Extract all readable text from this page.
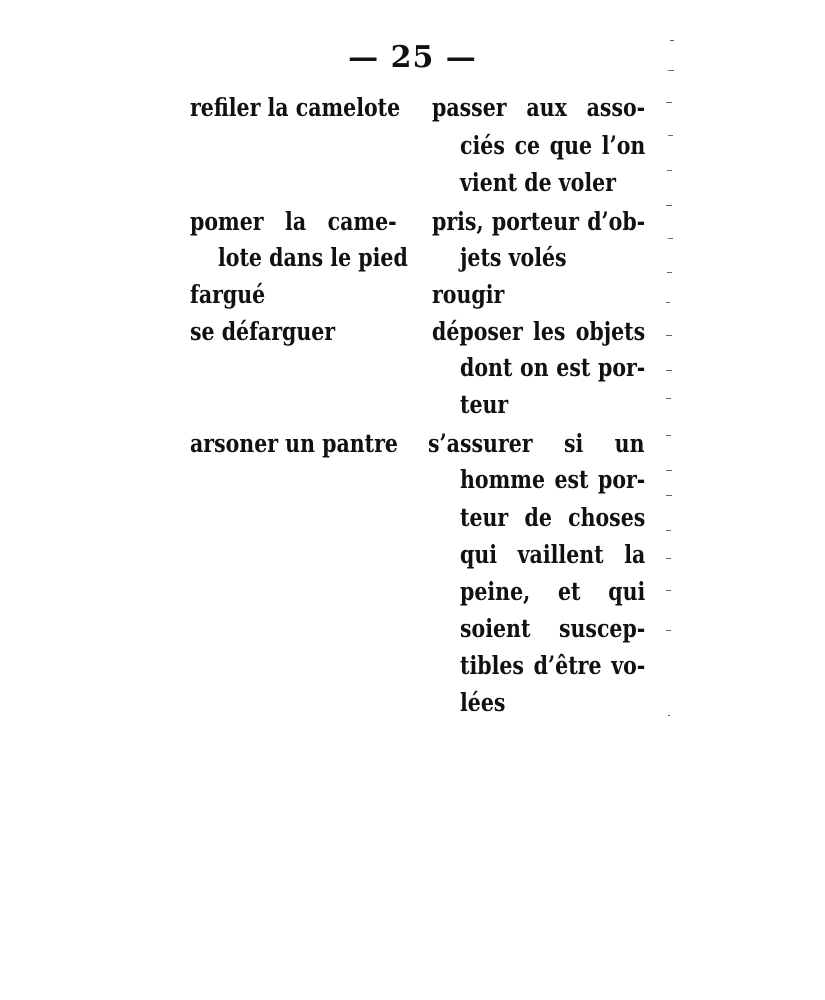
— 25 —
refiler la camelote passer aux asso-
ciés ce que l’on
vient de voler
pomer la came-
lote dans le pied
pris, porteur d’ob-
jets volés
fargué	rougir
se défarguer	déposer les objets
dont on est por-
teur
arsoner un pantre s’assurer si un
homme est por-
teur de choses
qui vaillent la
peine, et qui
soient suscep-
tibles d’être vo-
lées
